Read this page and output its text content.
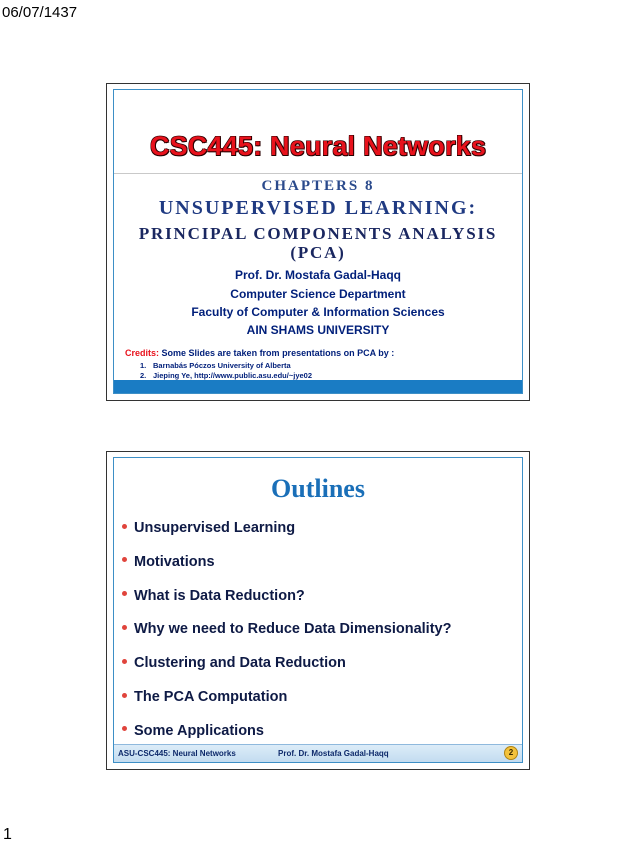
06/07/1437
CSC445: Neural Networks
CHAPTERS 8
UNSUPERVISED LEARNING:
PRINCIPAL COMPONENTS ANALYSIS
(PCA)
Prof. Dr. Mostafa Gadal-Haqq
Computer Science Department
Faculty of Computer & Information Sciences
AIN SHAMS UNIVERSITY
Credits: Some Slides are taken from presentations on PCA by :
1. Barnabás Póczos University of Alberta
2. Jieping Ye, http://www.public.asu.edu/~jye02
Outlines
Unsupervised Learning
Motivations
What is Data Reduction?
Why we need to Reduce Data Dimensionality?
Clustering and Data Reduction
The PCA Computation
Some Applications
ASU-CSC445: Neural Networks	Prof. Dr. Mostafa Gadal-Haqq	2
1
